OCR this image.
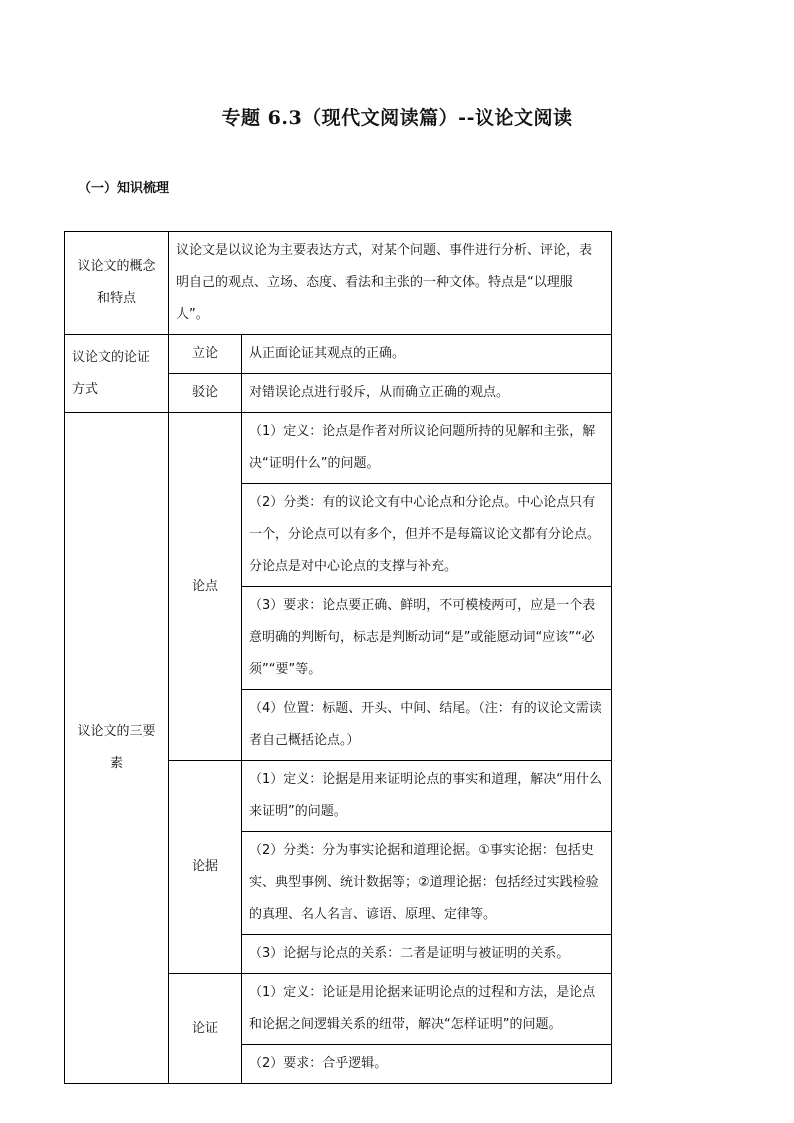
专题 6.3（现代文阅读篇）--议论文阅读
（一）知识梳理
议论文的概念和特点	议论文是以议论为主要表达方式，对某个问题、事件进行分析、评论，表明自己的观点、立场、态度、看法和主张的一种文体。特点是“以理服人”。	
议论文的论证方式	立论	从正面论证其观点的正确。
	驳论	对错误论点进行驳斥，从而确立正确的观点。
议论文的三要素	论点	（1）定义：论点是作者对所议论问题所持的见解和主张，解决“证明什么”的问题。
		（2）分类：有的议论文有中心论点和分论点。中心论点只有一个，分论点可以有多个，但并不是每篇议论文都有分论点。分论点是对中心论点的支撑与补充。
		（3）要求：论点要正确、鲜明，不可模棱两可，应是一个表意明确的判断句，标志是判断动词“是”或能愿动词“应该”“必须”“要”等。
		（4）位置：标题、开头、中间、结尾。（注：有的议论文需读者自己概括论点。）
	论据	（1）定义：论据是用来证明论点的事实和道理，解决“用什么来证明”的问题。
		（2）分类：分为事实论据和道理论据。①事实论据：包括史实、典型事例、统计数据等；②道理论据：包括经过实践检验的真理、名人名言、谚语、原理、定律等。
		（3）论据与论点的关系：二者是证明与被证明的关系。
	论证	（1）定义：论证是用论据来证明论点的过程和方法，是论点和论据之间逻辑关系的纽带，解决“怎样证明”的问题。
		（2）要求：合乎逻辑。
